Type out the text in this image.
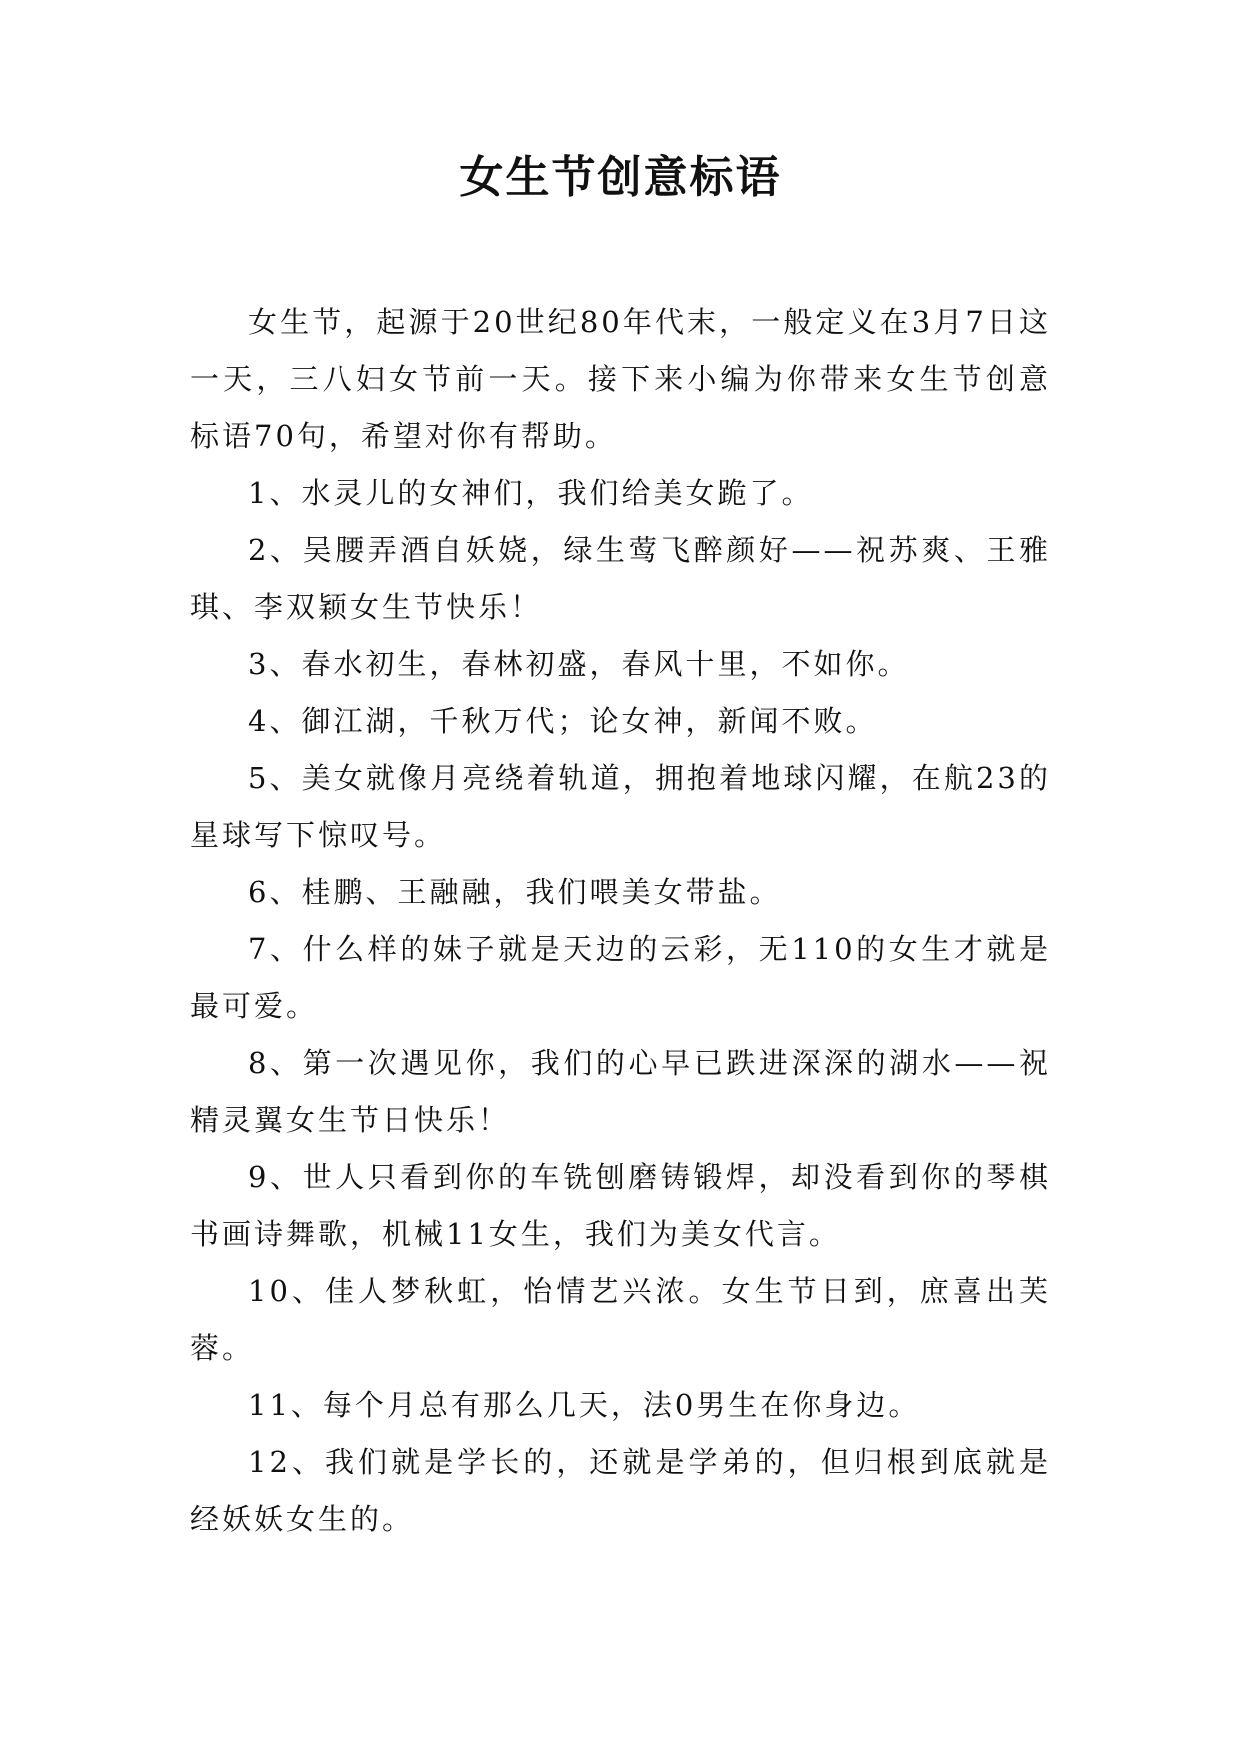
女生节创意标语

女生节，起源于20世纪80年代末，一般定义在3月7日这一天，三八妇女节前一天。接下来小编为你带来女生节创意标语70句，希望对你有帮助。

1、水灵儿的女神们，我们给美女跪了。

2、吴腰弄酒自妖娆，绿生莺飞醉颜好——祝苏爽、王雅琪、李双颖女生节快乐！

3、春水初生，春林初盛，春风十里，不如你。

4、御江湖，千秋万代；论女神，新闻不败。

5、美女就像月亮绕着轨道，拥抱着地球闪耀，在航23的星球写下惊叹号。

6、桂鹏、王融融，我们喂美女带盐。

7、什么样的妹子就是天边的云彩，无110的女生才就是最可爱。

8、第一次遇见你，我们的心早已跌进深深的湖水——祝精灵翼女生节日快乐！

9、世人只看到你的车铣刨磨铸锻焊，却没看到你的琴棋书画诗舞歌，机械11女生，我们为美女代言。

10、佳人梦秋虹，怡情艺兴浓。女生节日到，庶喜出芙蓉。

11、每个月总有那么几天，法0男生在你身边。

12、我们就是学长的，还就是学弟的，但归根到底就是经妖妖女生的。
